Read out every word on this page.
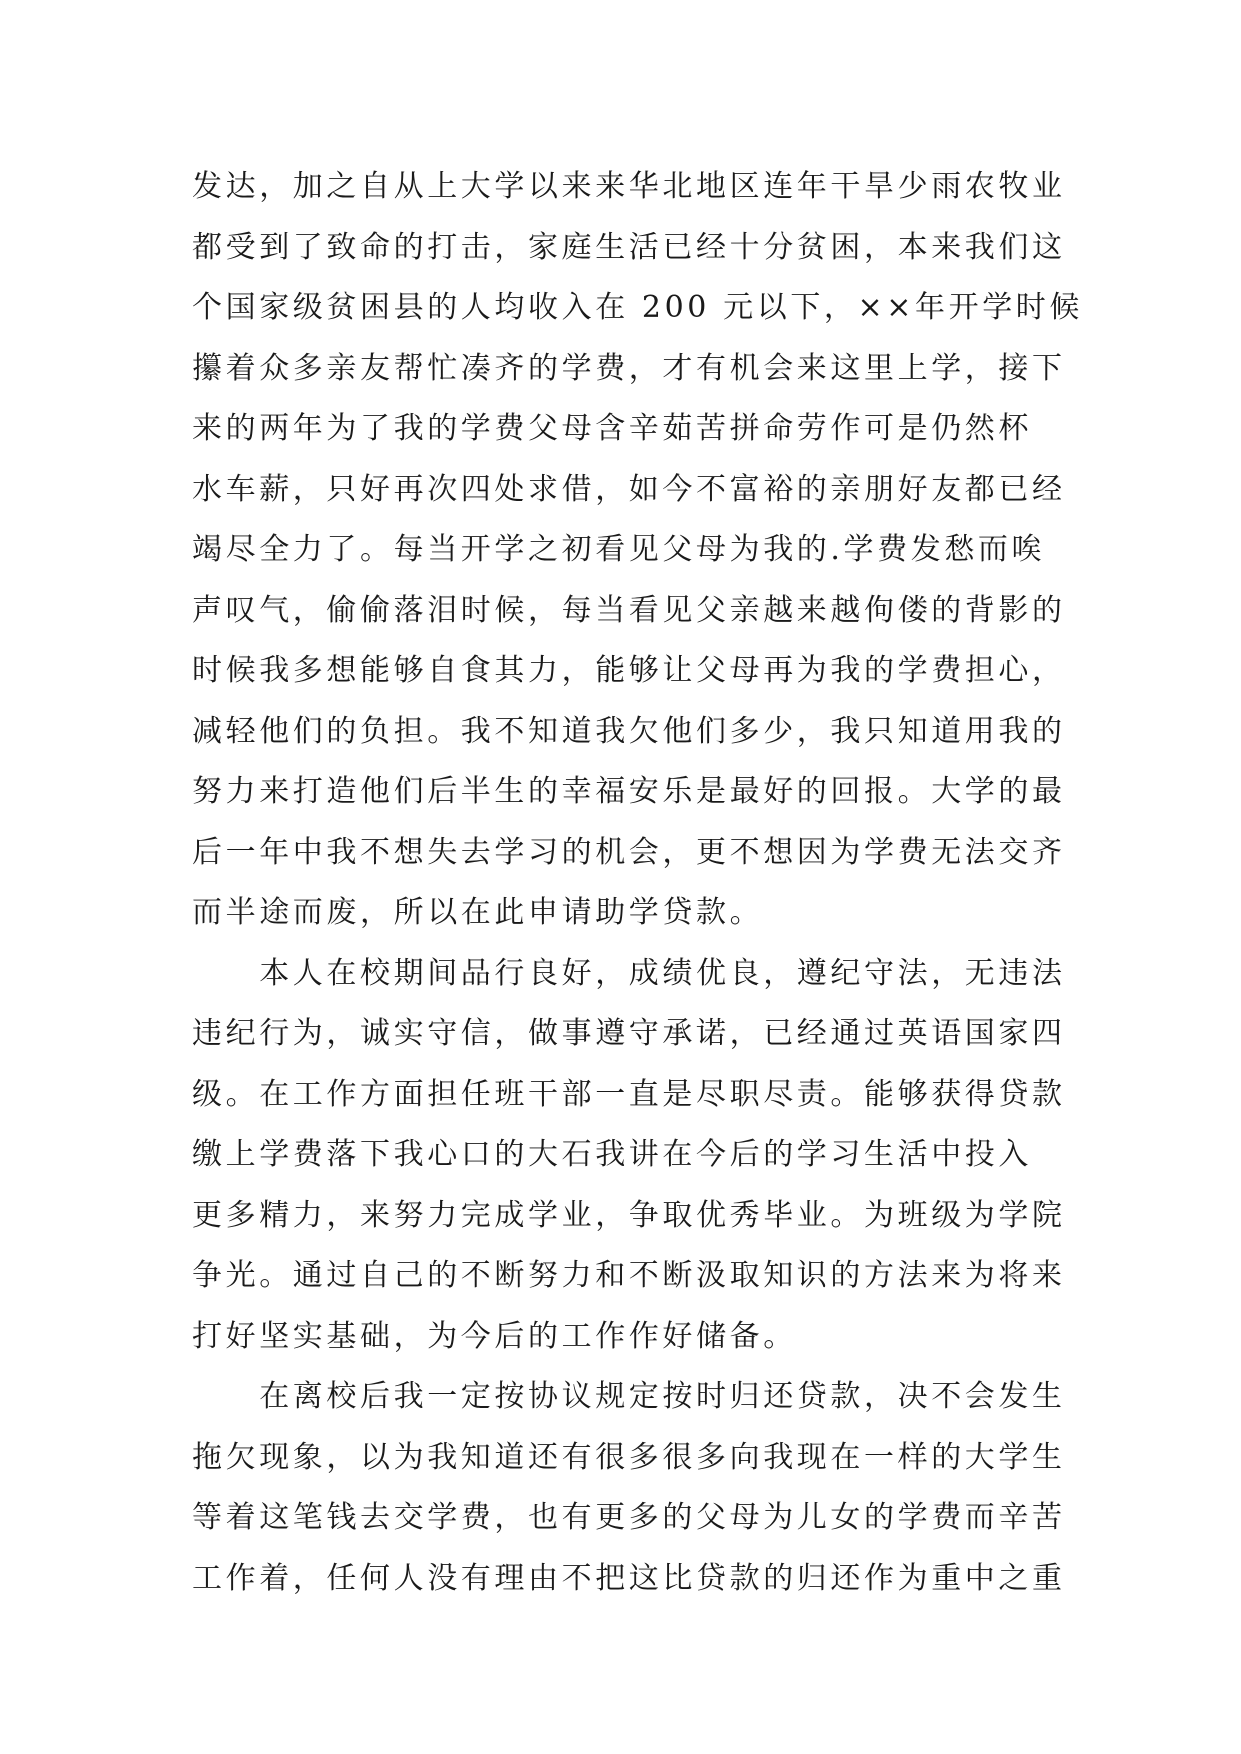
发达，加之自从上大学以来来华北地区连年干旱少雨农牧业
都受到了致命的打击，家庭生活已经十分贫困，本来我们这
个国家级贫困县的人均收入在 200 元以下，××年开学时候
攥着众多亲友帮忙凑齐的学费，才有机会来这里上学，接下
来的两年为了我的学费父母含辛茹苦拼命劳作可是仍然杯
水车薪，只好再次四处求借，如今不富裕的亲朋好友都已经
竭尽全力了。每当开学之初看见父母为我的.学费发愁而唉
声叹气，偷偷落泪时候，每当看见父亲越来越佝偻的背影的
时候我多想能够自食其力，能够让父母再为我的学费担心，
减轻他们的负担。我不知道我欠他们多少，我只知道用我的
努力来打造他们后半生的幸福安乐是最好的回报。大学的最
后一年中我不想失去学习的机会，更不想因为学费无法交齐
而半途而废，所以在此申请助学贷款。
　　本人在校期间品行良好，成绩优良，遵纪守法，无违法
违纪行为，诚实守信，做事遵守承诺，已经通过英语国家四
级。在工作方面担任班干部一直是尽职尽责。能够获得贷款
缴上学费落下我心口的大石我讲在今后的学习生活中投入
更多精力，来努力完成学业，争取优秀毕业。为班级为学院
争光。通过自己的不断努力和不断汲取知识的方法来为将来
打好坚实基础，为今后的工作作好储备。
　　在离校后我一定按协议规定按时归还贷款，决不会发生
拖欠现象，以为我知道还有很多很多向我现在一样的大学生
等着这笔钱去交学费，也有更多的父母为儿女的学费而辛苦
工作着，任何人没有理由不把这比贷款的归还作为重中之重
